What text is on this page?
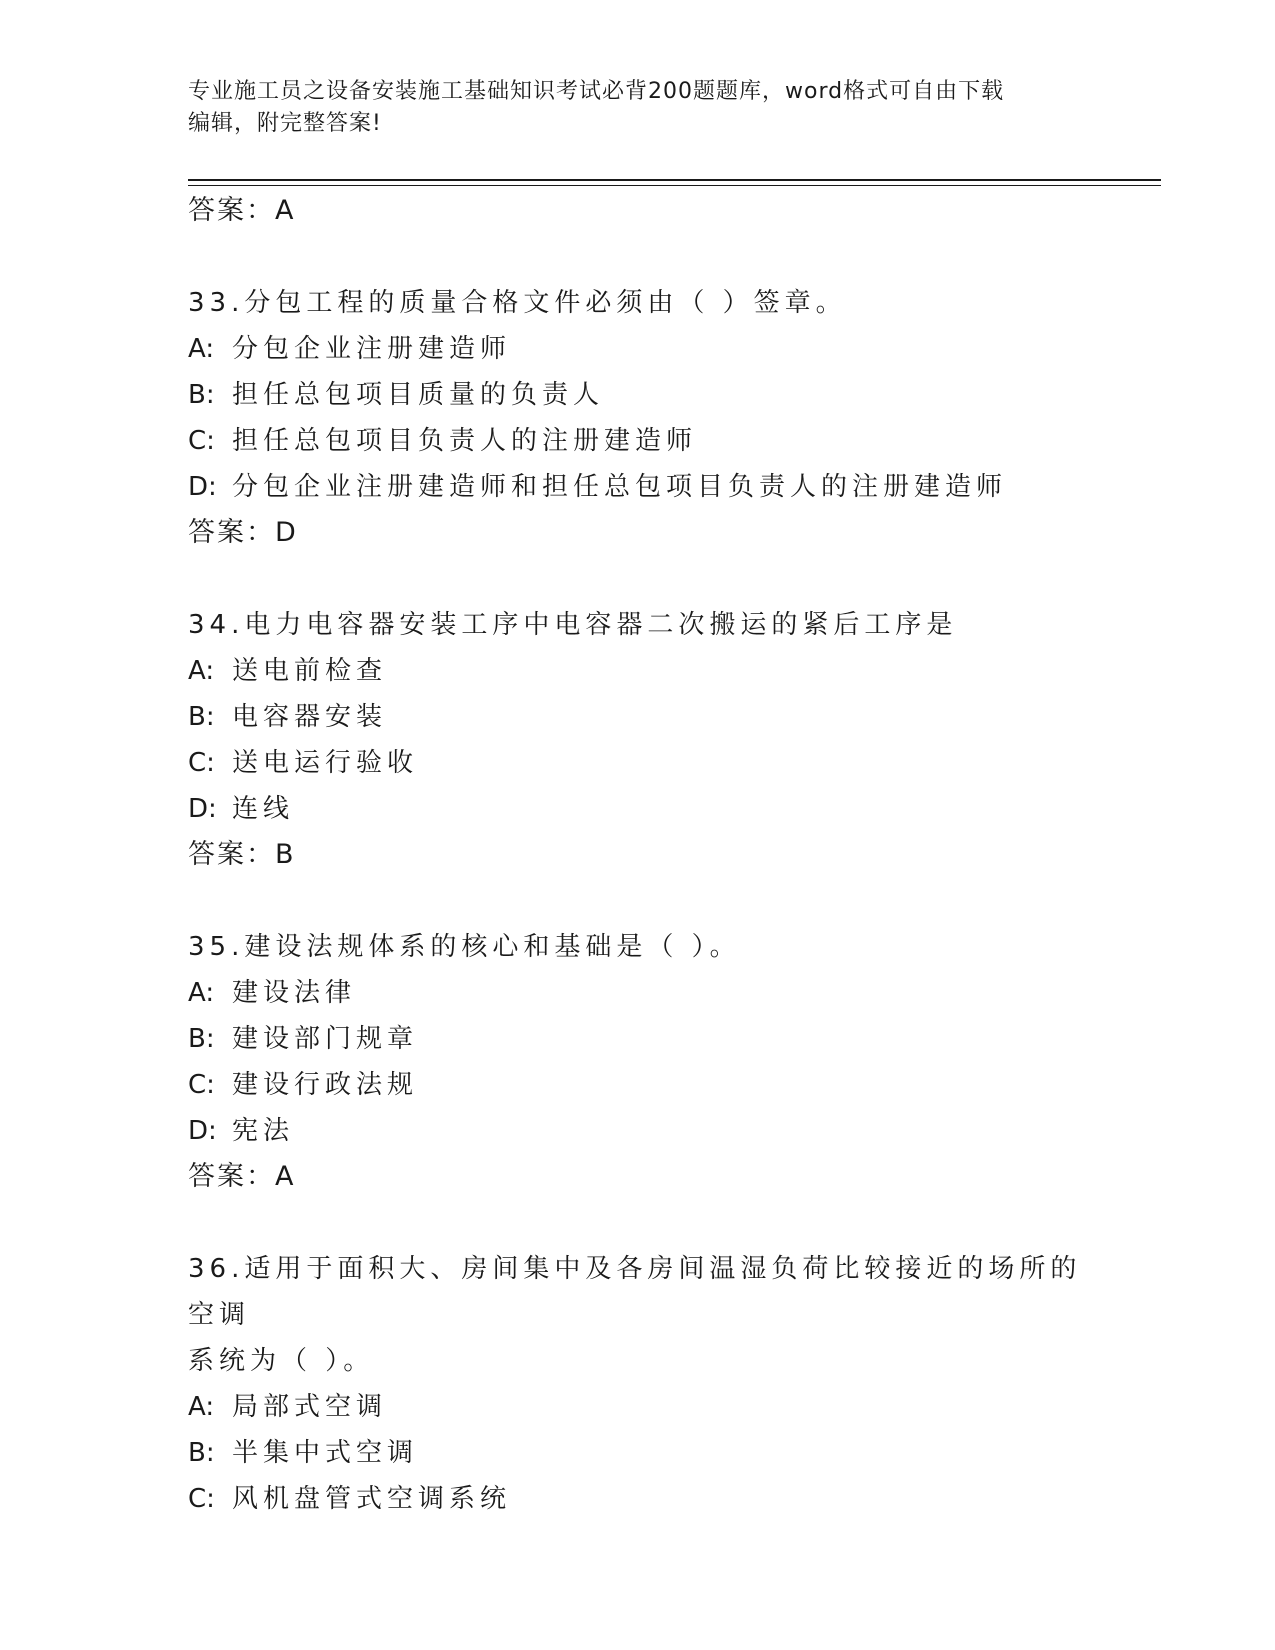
专业施工员之设备安装施工基础知识考试必背200题题库，word格式可自由下载
编辑，附完整答案!

答案：A

33.分包工程的质量合格文件必须由（ ）签章。

A: 分包企业注册建造师

B: 担任总包项目质量的负责人

C: 担任总包项目负责人的注册建造师

D: 分包企业注册建造师和担任总包项目负责人的注册建造师

答案：D

34.电力电容器安装工序中电容器二次搬运的紧后工序是

A: 送电前检查

B: 电容器安装

C: 送电运行验收

D: 连线

答案：B

35.建设法规体系的核心和基础是（ ）。

A: 建设法律

B: 建设部门规章

C: 建设行政法规

D: 宪法

答案：A

36.适用于面积大、房间集中及各房间温湿负荷比较接近的场所的空调

系统为（ ）。

A: 局部式空调

B: 半集中式空调

C: 风机盘管式空调系统
